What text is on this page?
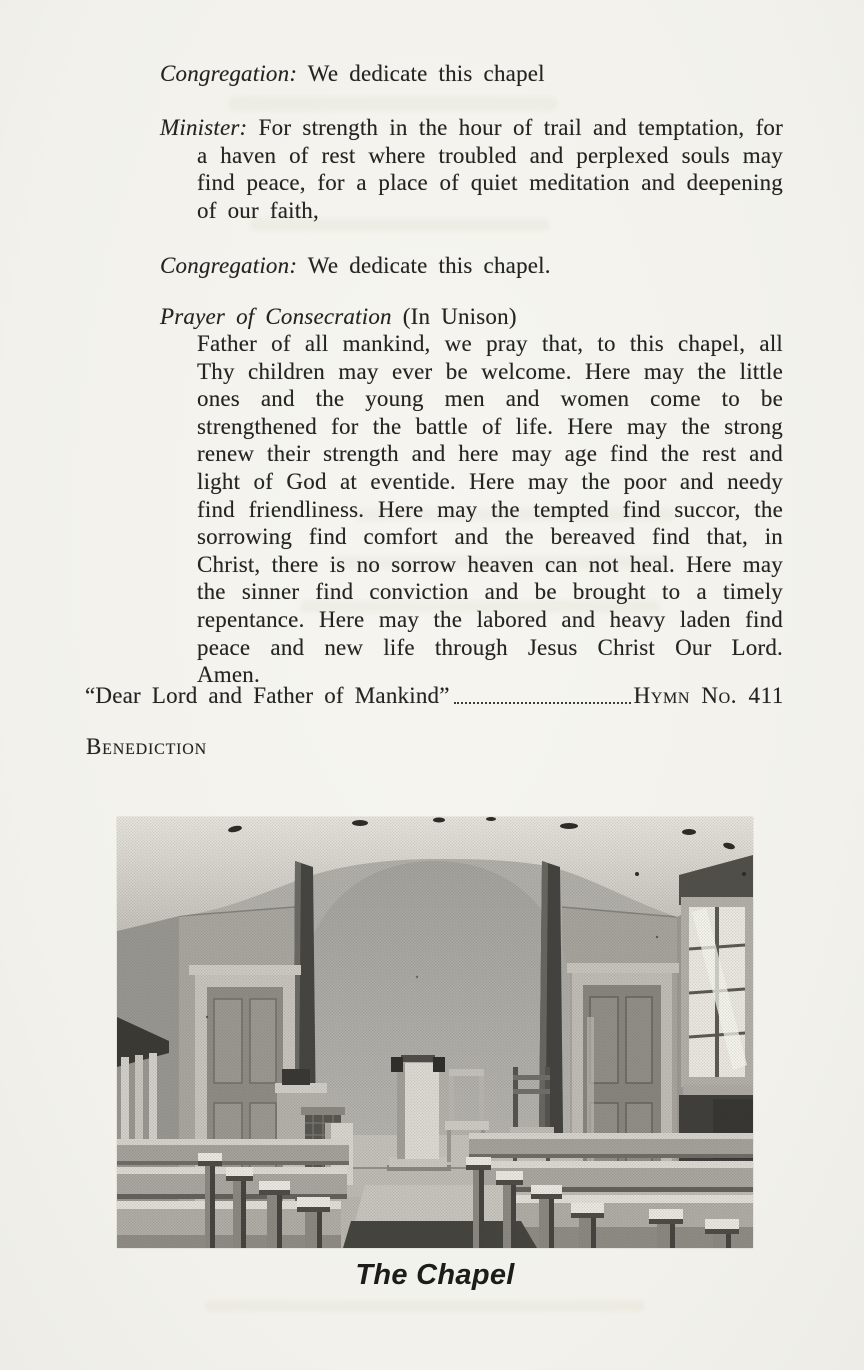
Congregation: We dedicate this chapel
Minister: For strength in the hour of trail and temptation, for a haven of rest where troubled and perplexed souls may find peace, for a place of quiet meditation and deepening of our faith,
Congregation: We dedicate this chapel.
Prayer of Consecration (In Unison)
Father of all mankind, we pray that, to this chapel, all Thy children may ever be welcome. Here may the little ones and the young men and women come to be strengthened for the battle of life. Here may the strong renew their strength and here may age find the rest and light of God at eventide. Here may the poor and needy find friendliness. Here may the tempted find succor, the sorrowing find comfort and the bereaved find that, in Christ, there is no sorrow heaven can not heal. Here may the sinner find conviction and be brought to a timely repentance. Here may the labored and heavy laden find peace and new life through Jesus Christ Our Lord. Amen.
“Dear Lord and Father of Mankind”	Hymn No. 411
Benediction
The Chapel
